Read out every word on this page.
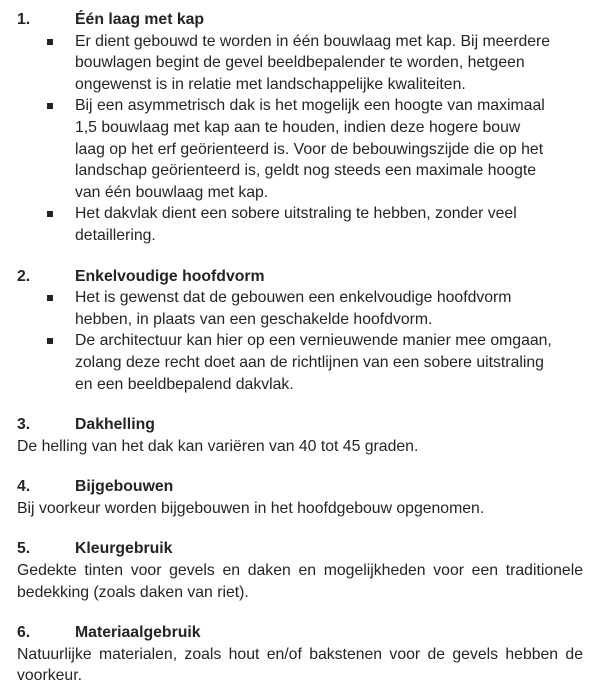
1.	Één laag met kap
Er dient gebouwd te worden in één bouwlaag met kap. Bij meerdere
bouwlagen begint de gevel beeldbepalender te worden, hetgeen
ongewenst is in relatie met landschappelijke kwaliteiten.
Bij een asymmetrisch dak is het mogelijk een hoogte van maximaal
1,5 bouwlaag met kap aan te houden, indien deze hogere bouw
laag op het erf geörienteerd is. Voor de bebouwingszijde die op het
landschap geörienteerd is, geldt nog steeds een maximale hoogte
van één bouwlaag met kap.
Het dakvlak dient een sobere uitstraling te hebben, zonder veel
detaillering.
2.	Enkelvoudige hoofdvorm
Het is gewenst dat de gebouwen een enkelvoudige hoofdvorm
hebben, in plaats van een geschakelde hoofdvorm.
De architectuur kan hier op een vernieuwende manier mee omgaan,
zolang deze recht doet aan de richtlijnen van een sobere uitstraling
en een beeldbepalend dakvlak.
3.	Dakhelling
De helling van het dak kan variëren van 40 tot 45 graden.
4.	Bijgebouwen
Bij voorkeur worden bijgebouwen in het hoofdgebouw opgenomen.
5.	Kleurgebruik
Gedekte tinten voor gevels en daken en mogelijkheden voor een traditionele
bedekking (zoals daken van riet).
6.	Materiaalgebruik
Natuurlijke materialen, zoals hout en/of bakstenen voor de gevels hebben de
voorkeur.
